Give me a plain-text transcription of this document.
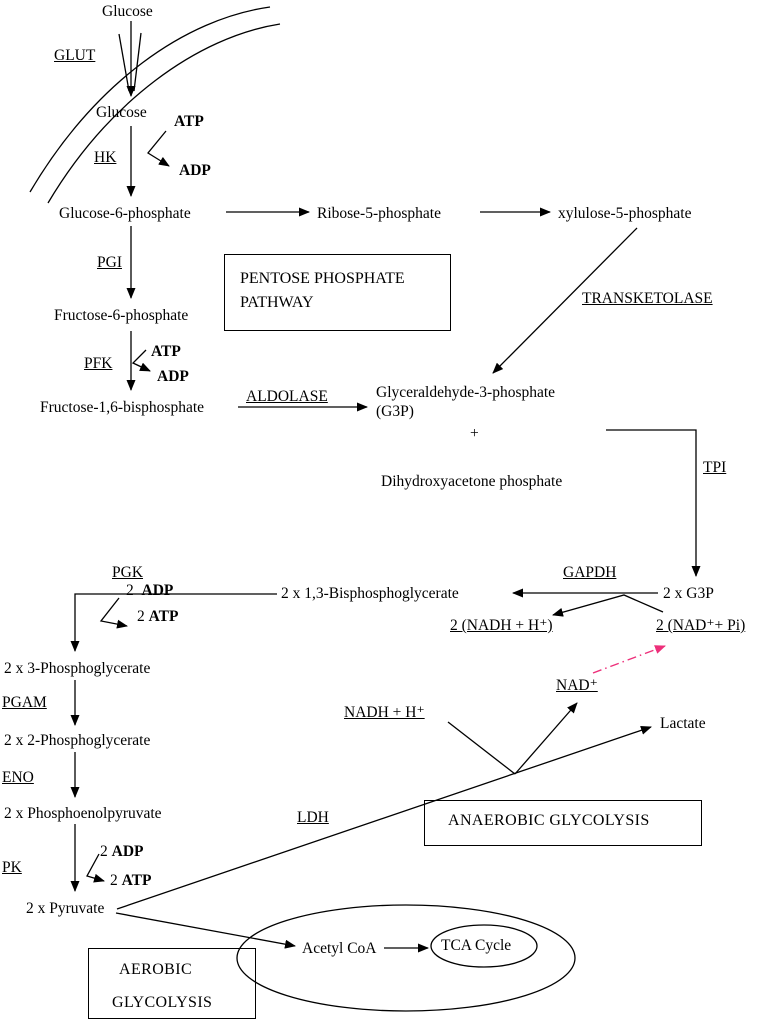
Glucose
GLUT
Glucose
HK
ATP
ADP
Glucose-6-phosphate	Ribose-5-phosphate	xylulose-5-phosphate
PGI
Fructose-6-phosphate
TRANSKETOLASE
PFK
ATP
ADP
Fructose-1,6-bisphosphate
ALDOLASE	Glyceraldehyde-3-phosphate
(G3P)
+
Dihydroxyacetone phosphate
TPI
PGK
2 ADP
2 ATP
2 x 1,3-Bisphosphoglycerate
GAPDH
2 x G3P
2 (NADH + H⁺)	2 (NAD⁺+ Pi)
2 x 3-Phosphoglycerate
PGAM
NAD⁺
NADH + H⁺
Lactate
2 x 2-Phosphoglycerate
ENO
2 x Phosphoenolpyruvate	LDH
PK
2 ADP
2 ATP
2 x Pyruvate
Acetyl CoA	TCA Cycle
PENTOSE PHOSPHATE
PATHWAY
ANAEROBIC GLYCOLYSIS
AEROBIC
GLYCOLYSIS
